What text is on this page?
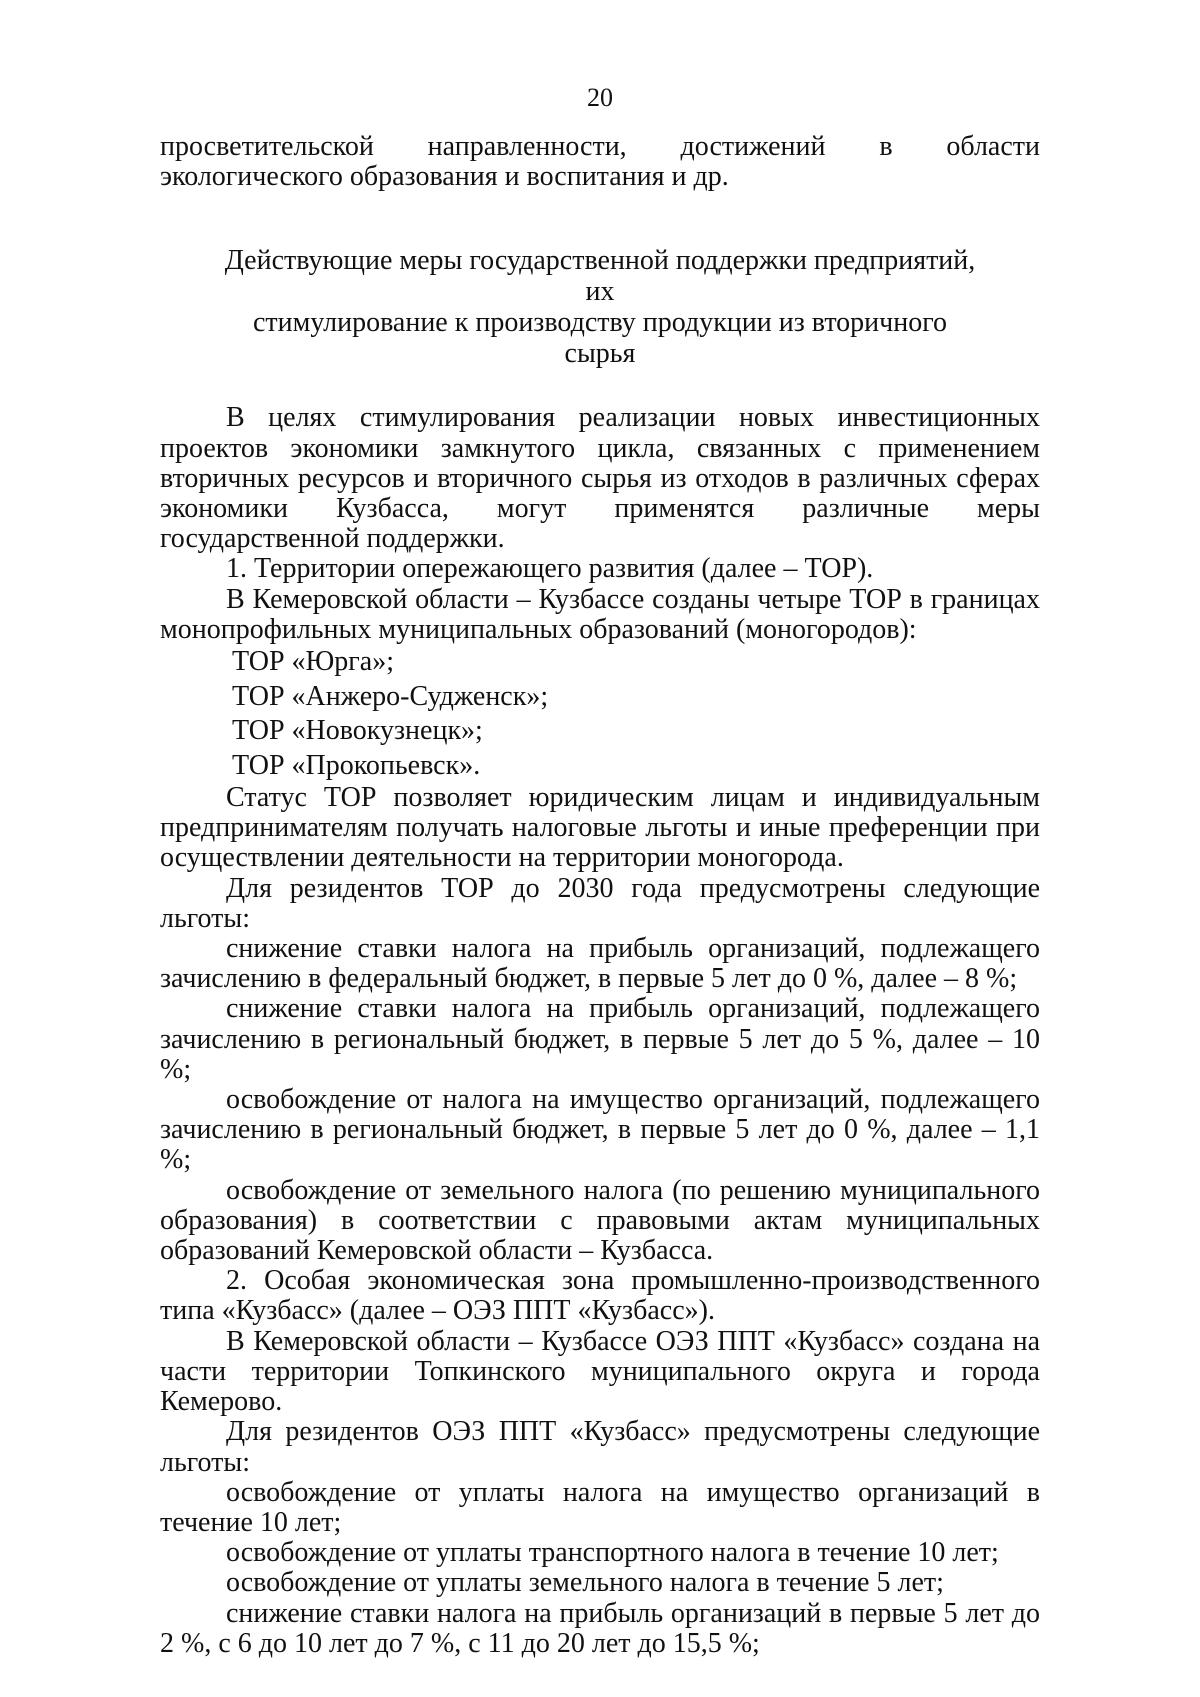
20

просветительской направленности, достижений в области экологического образования и воспитания и др.

Действующие меры государственной поддержки предприятий, их

стимулирование к производству продукции из вторичного сырья

В целях стимулирования реализации новых инвестиционных проектов экономики замкнутого цикла, связанных с применением вторичных ресурсов и вторичного сырья из отходов в различных сферах экономики Кузбасса, могут применятся различные меры государственной поддержки.

1. Территории опережающего развития (далее – ТОР).

В Кемеровской области – Кузбассе созданы четыре ТОР в границах монопрофильных муниципальных образований (моногородов):

ТОР «Юрга»;

ТОР «Анжеро-Судженск»;

ТОР «Новокузнецк»;

ТОР «Прокопьевск».

Статус ТОР позволяет юридическим лицам и индивидуальным предпринимателям получать налоговые льготы и иные преференции при осуществлении деятельности на территории моногорода.

Для резидентов ТОР до 2030 года предусмотрены следующие льготы:

снижение ставки налога на прибыль организаций, подлежащего зачислению в федеральный бюджет, в первые 5 лет до 0 %, далее – 8 %;

снижение ставки налога на прибыль организаций, подлежащего зачислению в региональный бюджет, в первые 5 лет до 5 %, далее – 10 %;

освобождение от налога на имущество организаций, подлежащего зачислению в региональный бюджет, в первые 5 лет до 0 %, далее – 1,1 %;

освобождение от земельного налога (по решению муниципального образования) в соответствии с правовыми актам муниципальных образований Кемеровской области – Кузбасса.

2. Особая экономическая зона промышленно-производственного типа «Кузбасс» (далее – ОЭЗ ППТ «Кузбасс»).

В Кемеровской области – Кузбассе ОЭЗ ППТ «Кузбасс» создана на части территории Топкинского муниципального округа и города Кемерово.

Для резидентов ОЭЗ ППТ «Кузбасс» предусмотрены следующие льготы:

освобождение от уплаты налога на имущество организаций в течение 10 лет;

освобождение от уплаты транспортного налога в течение 10 лет;

освобождение от уплаты земельного налога в течение 5 лет;

снижение ставки налога на прибыль организаций в первые 5 лет до 2 %, с 6 до 10 лет до 7 %, с 11 до 20 лет до 15,5 %;
